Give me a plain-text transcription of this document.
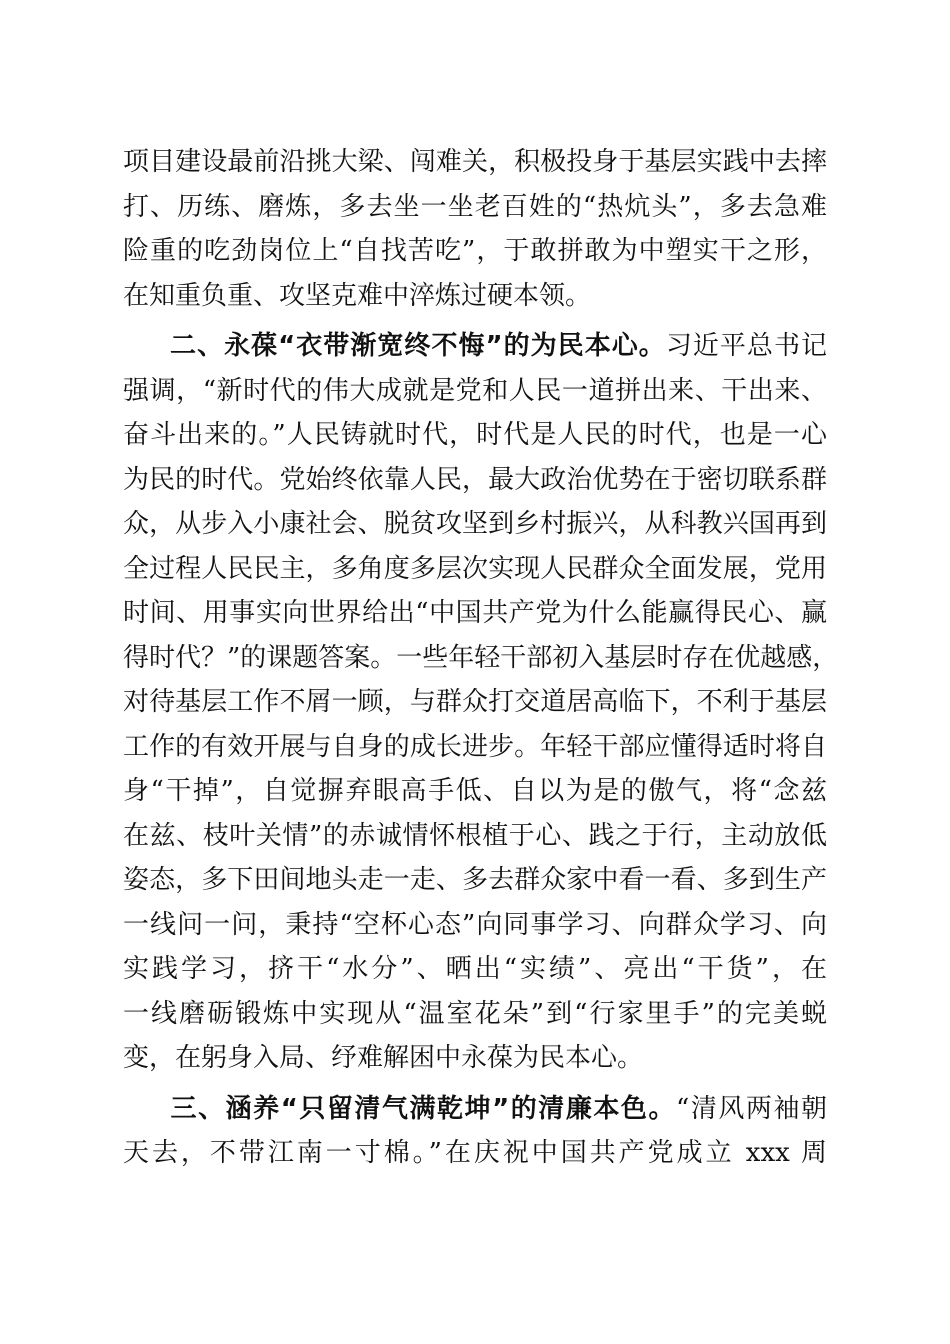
项目建设最前沿挑大梁、闯难关，积极投身于基层实践中去摔
打、历练、磨炼，多去坐一坐老百姓的“热炕头”，多去急难
险重的吃劲岗位上“自找苦吃”，于敢拼敢为中塑实干之形，
在知重负重、攻坚克难中淬炼过硬本领。
二、永葆“衣带渐宽终不悔”的为民本心。习近平总书记
强调，“新时代的伟大成就是党和人民一道拼出来、干出来、
奋斗出来的。”人民铸就时代，时代是人民的时代，也是一心
为民的时代。党始终依靠人民，最大政治优势在于密切联系群
众，从步入小康社会、脱贫攻坚到乡村振兴，从科教兴国再到
全过程人民民主，多角度多层次实现人民群众全面发展，党用
时间、用事实向世界给出“中国共产党为什么能赢得民心、赢
得时代？”的课题答案。一些年轻干部初入基层时存在优越感，
对待基层工作不屑一顾，与群众打交道居高临下，不利于基层
工作的有效开展与自身的成长进步。年轻干部应懂得适时将自
身“干掉”，自觉摒弃眼高手低、自以为是的傲气，将“念兹
在兹、枝叶关情”的赤诚情怀根植于心、践之于行，主动放低
姿态，多下田间地头走一走、多去群众家中看一看、多到生产
一线问一问，秉持“空杯心态”向同事学习、向群众学习、向
实践学习，挤干“水分”、晒出“实绩”、亮出“干货”，在
一线磨砺锻炼中实现从“温室花朵”到“行家里手”的完美蜕
变，在躬身入局、纾难解困中永葆为民本心。
三、涵养“只留清气满乾坤”的清廉本色。“清风两袖朝
天去，不带江南一寸棉。”在庆祝中国共产党成立 xxx 周
